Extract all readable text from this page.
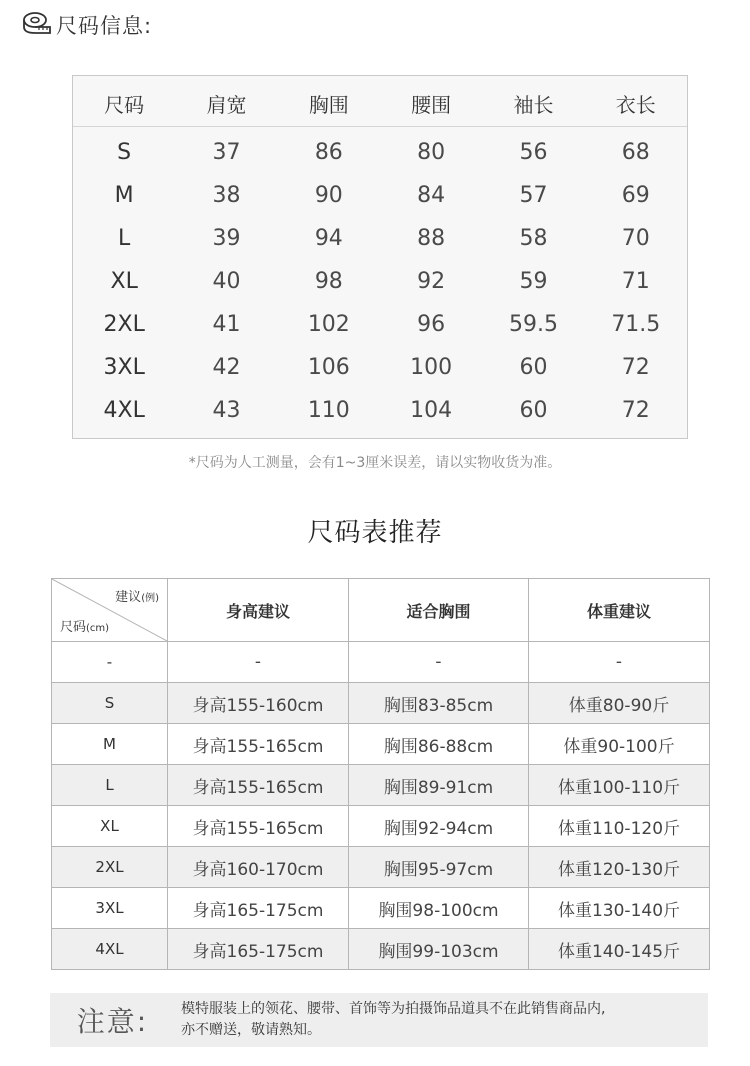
尺码信息:
尺码	肩宽	胸围	腰围	袖长	衣长
S	37	86	80	56	68
M	38	90	84	57	69
L	39	94	88	58	70
XL	40	98	92	59	71
2XL	41	102	96	59.5	71.5
3XL	42	106	100	60	72
4XL	43	110	104	60	72
*尺码为人工测量，会有1~3厘米误差，请以实物收货为准。
尺码表推荐
建议(例)
尺码(cm)	身高建议	适合胸围	体重建议
-	-	-	-
S	身高155-160cm	胸围83-85cm	体重80-90斤
M	身高155-165cm	胸围86-88cm	体重90-100斤
L	身高155-165cm	胸围89-91cm	体重100-110斤
XL	身高155-165cm	胸围92-94cm	体重110-120斤
2XL	身高160-170cm	胸围95-97cm	体重120-130斤
3XL	身高165-175cm	胸围98-100cm	体重130-140斤
4XL	身高165-175cm	胸围99-103cm	体重140-145斤
注意:	模特服装上的领花、腰带、首饰等为拍摄饰品道具不在此销售商品内,
亦不赠送，敬请熟知。
